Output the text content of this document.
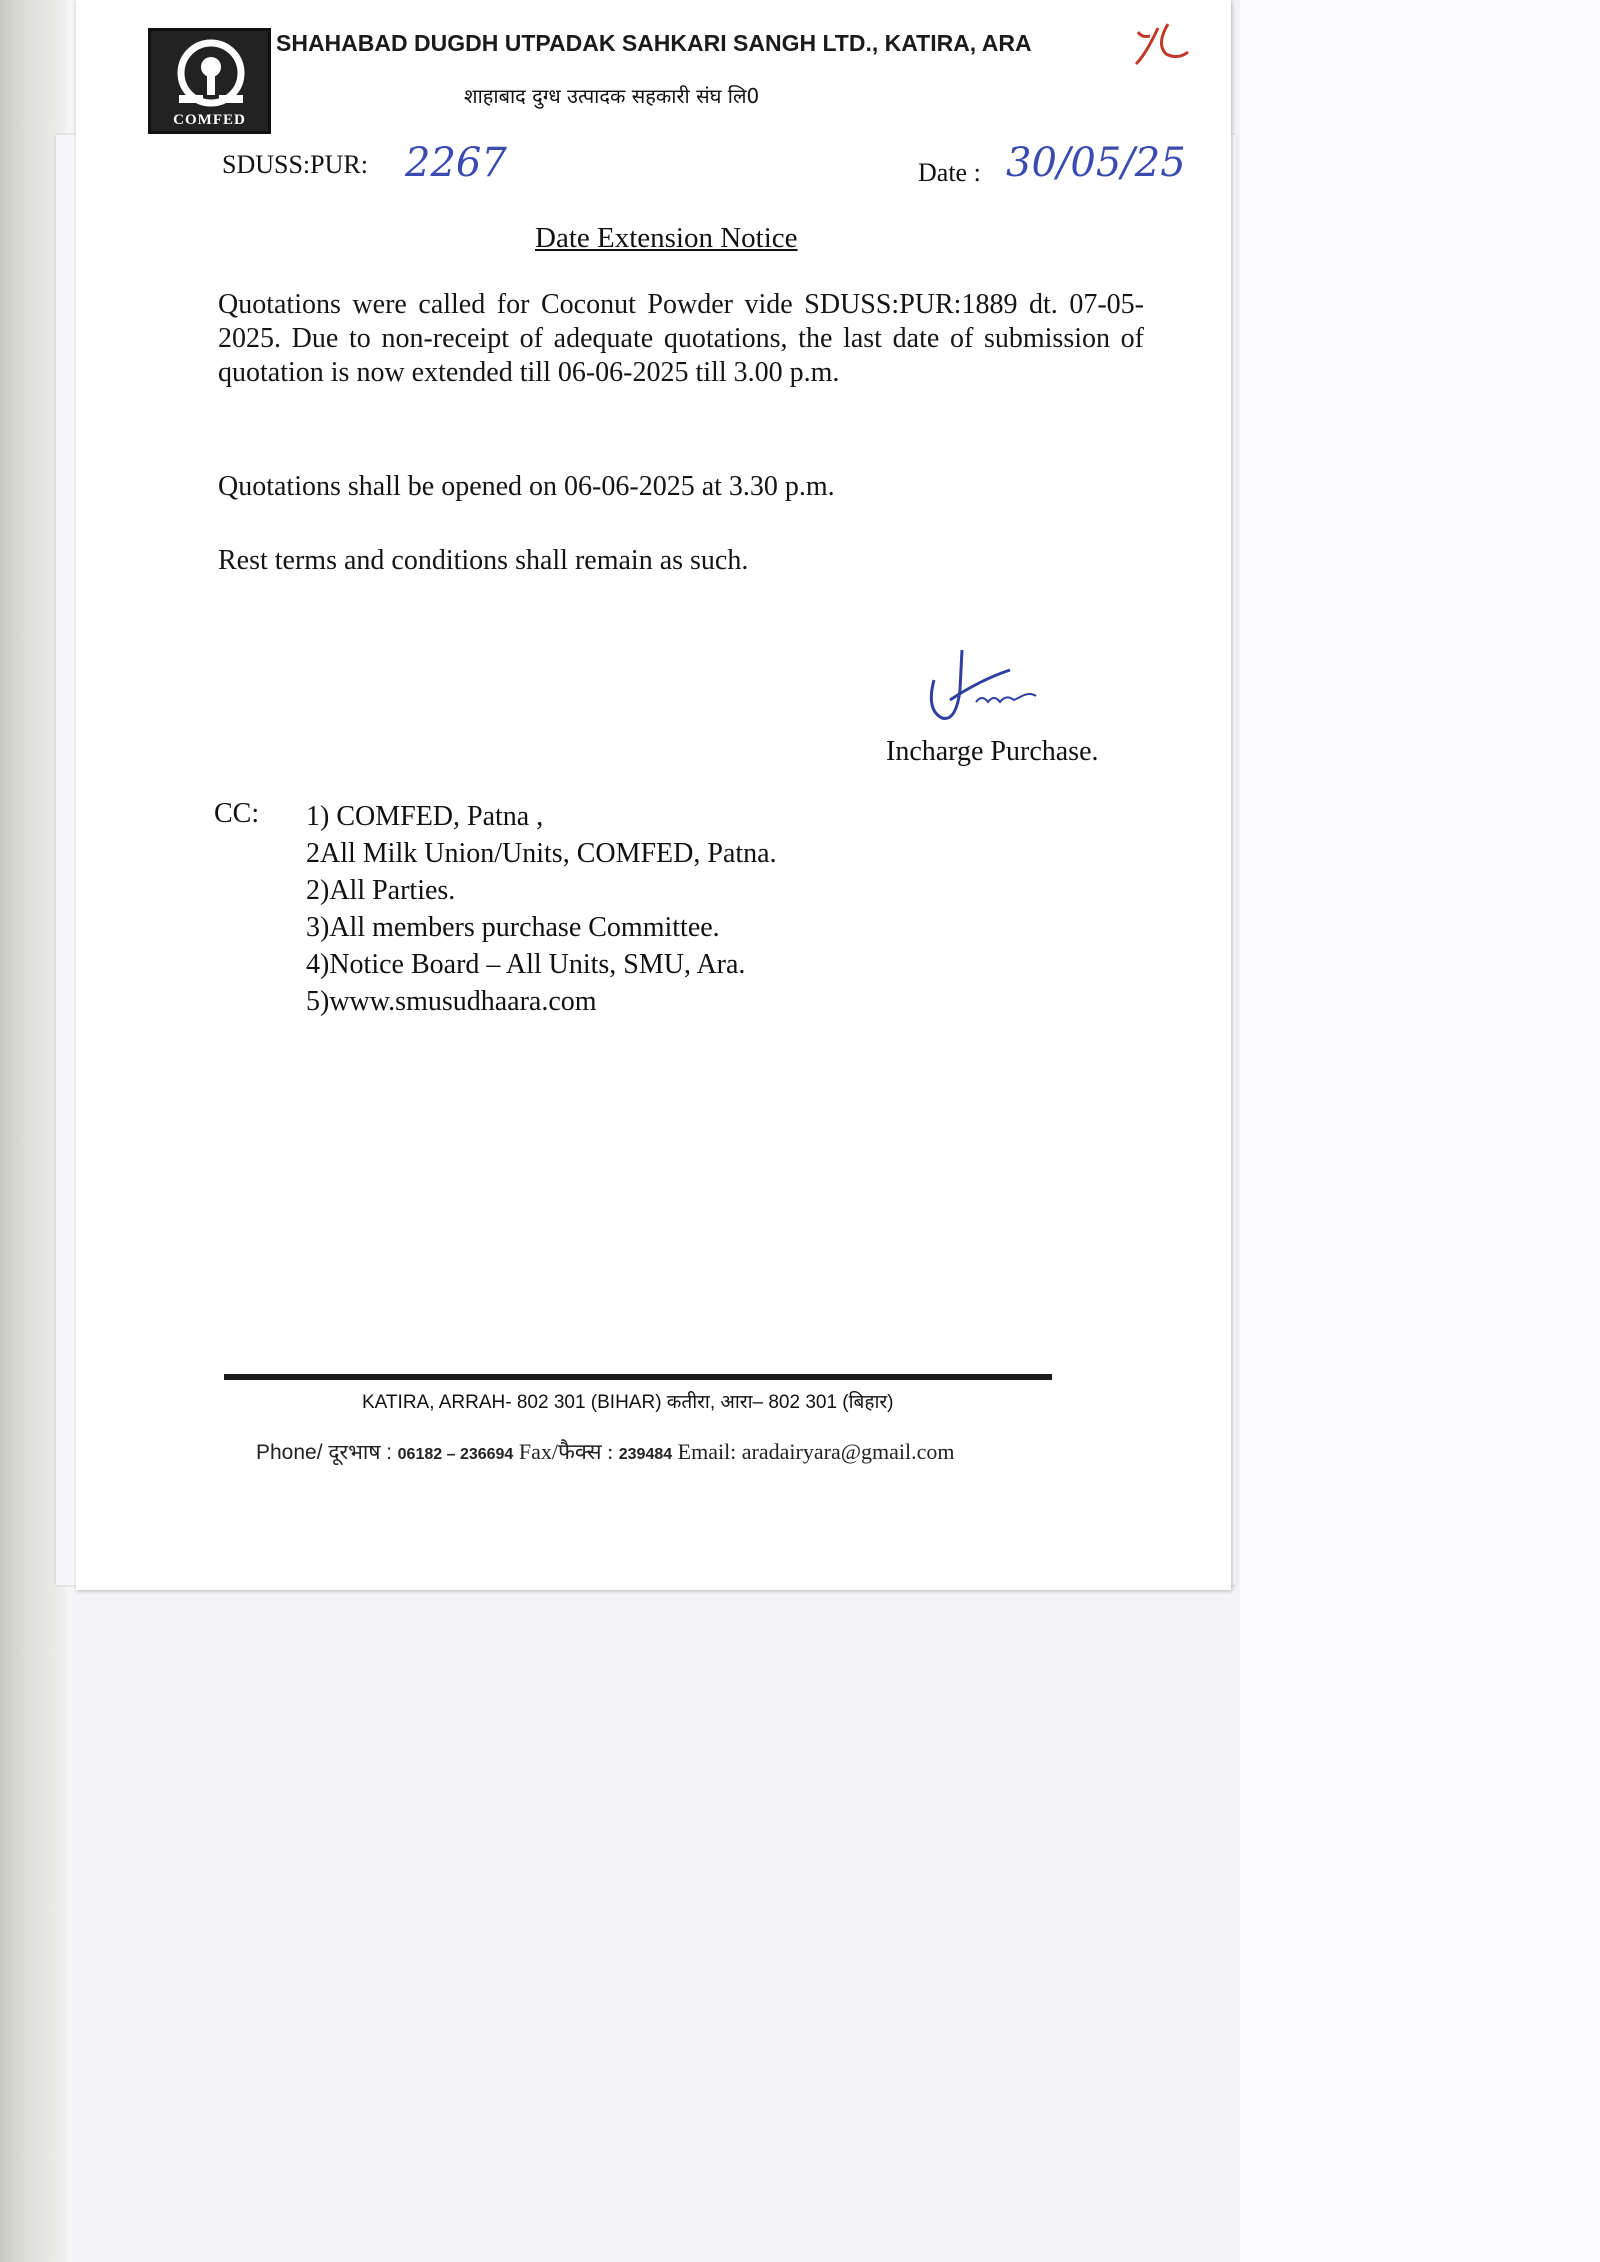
COMFED
SHAHABAD DUGDH UTPADAK SAHKARI SANGH LTD., KATIRA, ARA
शाहाबाद दुग्ध उत्पादक सहकारी संघ लि0
SDUSS:PUR: 2267	Date : 30/05/25
Date Extension Notice
Quotations were called for Coconut Powder vide SDUSS:PUR:1889 dt. 07-05-2025. Due to non-receipt of adequate quotations, the last date of submission of quotation is now extended till 06-06-2025 till 3.00 p.m.
Quotations shall be opened on 06-06-2025 at 3.30 p.m.
Rest terms and conditions shall remain as such.
Incharge Purchase.
CC: 1) COMFED, Patna ,
2All Milk Union/Units, COMFED, Patna.
2)All Parties.
3)All members purchase Committee.
4)Notice Board – All Units, SMU, Ara.
5)www.smusudhaara.com
KATIRA, ARRAH- 802 301 (BIHAR) कतीरा, आरा– 802 301 (बिहार)
Phone/ दूरभाष : 06182 – 236694 Fax/फैक्स : 239484 Email: aradairyara@gmail.com
